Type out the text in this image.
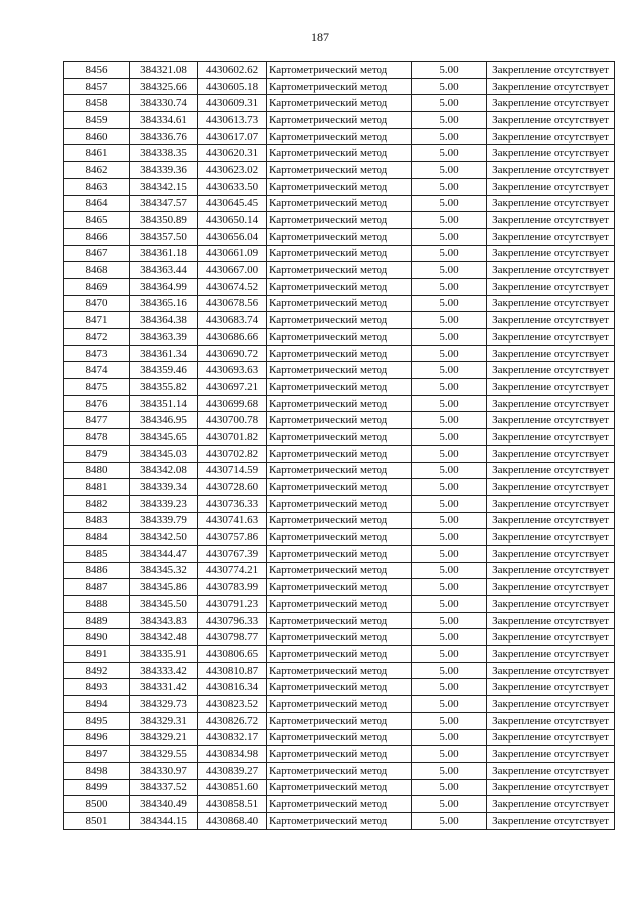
187
8456	384321.08	4430602.62	Картометрический метод	5.00	Закрепление отсутствует
8457	384325.66	4430605.18	Картометрический метод	5.00	Закрепление отсутствует
8458	384330.74	4430609.31	Картометрический метод	5.00	Закрепление отсутствует
8459	384334.61	4430613.73	Картометрический метод	5.00	Закрепление отсутствует
8460	384336.76	4430617.07	Картометрический метод	5.00	Закрепление отсутствует
8461	384338.35	4430620.31	Картометрический метод	5.00	Закрепление отсутствует
8462	384339.36	4430623.02	Картометрический метод	5.00	Закрепление отсутствует
8463	384342.15	4430633.50	Картометрический метод	5.00	Закрепление отсутствует
8464	384347.57	4430645.45	Картометрический метод	5.00	Закрепление отсутствует
8465	384350.89	4430650.14	Картометрический метод	5.00	Закрепление отсутствует
8466	384357.50	4430656.04	Картометрический метод	5.00	Закрепление отсутствует
8467	384361.18	4430661.09	Картометрический метод	5.00	Закрепление отсутствует
8468	384363.44	4430667.00	Картометрический метод	5.00	Закрепление отсутствует
8469	384364.99	4430674.52	Картометрический метод	5.00	Закрепление отсутствует
8470	384365.16	4430678.56	Картометрический метод	5.00	Закрепление отсутствует
8471	384364.38	4430683.74	Картометрический метод	5.00	Закрепление отсутствует
8472	384363.39	4430686.66	Картометрический метод	5.00	Закрепление отсутствует
8473	384361.34	4430690.72	Картометрический метод	5.00	Закрепление отсутствует
8474	384359.46	4430693.63	Картометрический метод	5.00	Закрепление отсутствует
8475	384355.82	4430697.21	Картометрический метод	5.00	Закрепление отсутствует
8476	384351.14	4430699.68	Картометрический метод	5.00	Закрепление отсутствует
8477	384346.95	4430700.78	Картометрический метод	5.00	Закрепление отсутствует
8478	384345.65	4430701.82	Картометрический метод	5.00	Закрепление отсутствует
8479	384345.03	4430702.82	Картометрический метод	5.00	Закрепление отсутствует
8480	384342.08	4430714.59	Картометрический метод	5.00	Закрепление отсутствует
8481	384339.34	4430728.60	Картометрический метод	5.00	Закрепление отсутствует
8482	384339.23	4430736.33	Картометрический метод	5.00	Закрепление отсутствует
8483	384339.79	4430741.63	Картометрический метод	5.00	Закрепление отсутствует
8484	384342.50	4430757.86	Картометрический метод	5.00	Закрепление отсутствует
8485	384344.47	4430767.39	Картометрический метод	5.00	Закрепление отсутствует
8486	384345.32	4430774.21	Картометрический метод	5.00	Закрепление отсутствует
8487	384345.86	4430783.99	Картометрический метод	5.00	Закрепление отсутствует
8488	384345.50	4430791.23	Картометрический метод	5.00	Закрепление отсутствует
8489	384343.83	4430796.33	Картометрический метод	5.00	Закрепление отсутствует
8490	384342.48	4430798.77	Картометрический метод	5.00	Закрепление отсутствует
8491	384335.91	4430806.65	Картометрический метод	5.00	Закрепление отсутствует
8492	384333.42	4430810.87	Картометрический метод	5.00	Закрепление отсутствует
8493	384331.42	4430816.34	Картометрический метод	5.00	Закрепление отсутствует
8494	384329.73	4430823.52	Картометрический метод	5.00	Закрепление отсутствует
8495	384329.31	4430826.72	Картометрический метод	5.00	Закрепление отсутствует
8496	384329.21	4430832.17	Картометрический метод	5.00	Закрепление отсутствует
8497	384329.55	4430834.98	Картометрический метод	5.00	Закрепление отсутствует
8498	384330.97	4430839.27	Картометрический метод	5.00	Закрепление отсутствует
8499	384337.52	4430851.60	Картометрический метод	5.00	Закрепление отсутствует
8500	384340.49	4430858.51	Картометрический метод	5.00	Закрепление отсутствует
8501	384344.15	4430868.40	Картометрический метод	5.00	Закрепление отсутствует
